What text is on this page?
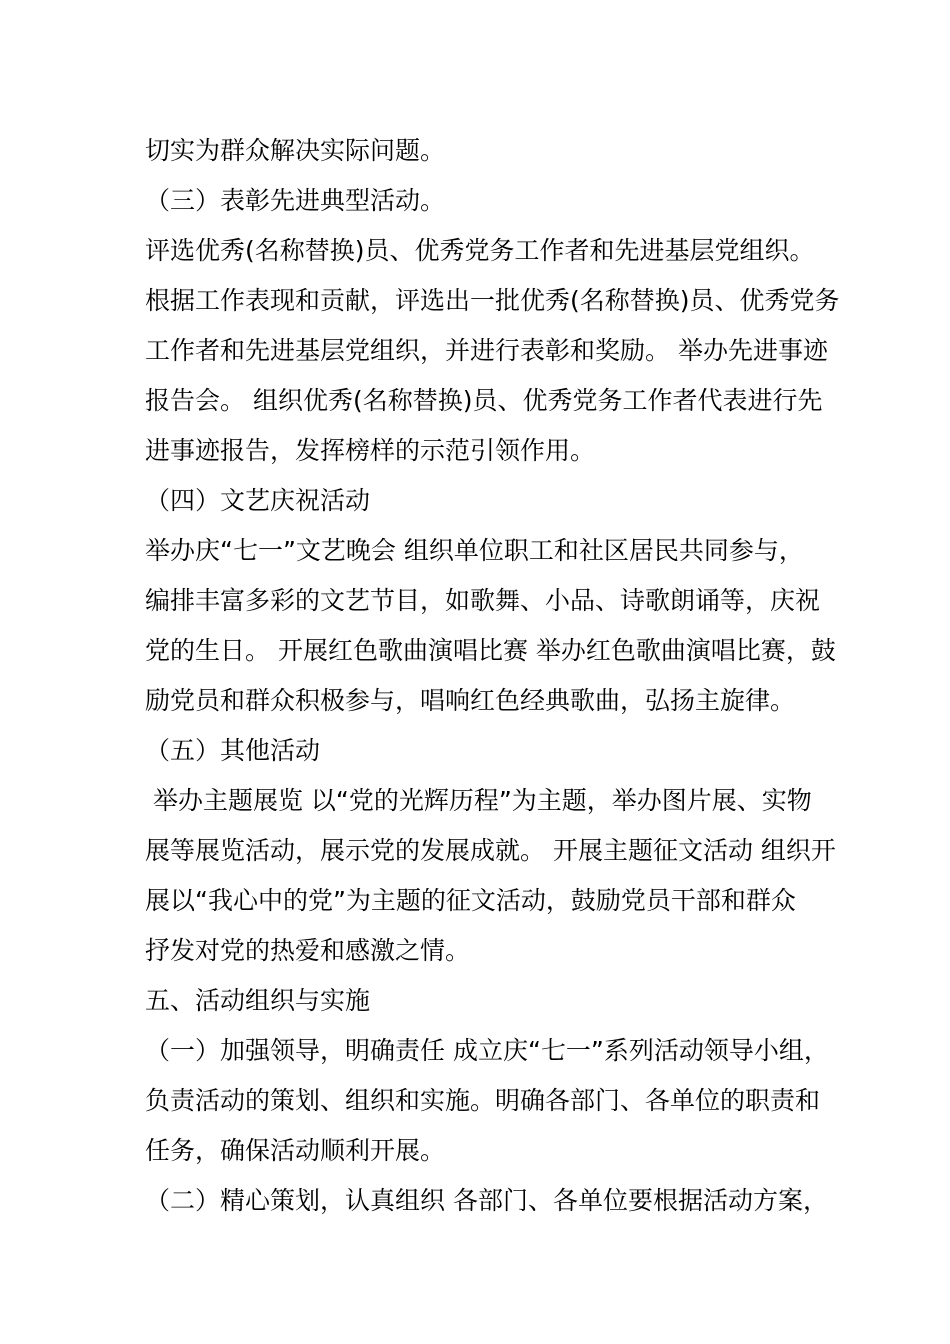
切实为群众解决实际问题。
（三）表彰先进典型活动。
评选优秀(名称替换)员、优秀党务工作者和先进基层党组织。
根据工作表现和贡献，评选出一批优秀(名称替换)员、优秀党务
工作者和先进基层党组织，并进行表彰和奖励。 举办先进事迹
报告会。 组织优秀(名称替换)员、优秀党务工作者代表进行先
进事迹报告，发挥榜样的示范引领作用。
（四）文艺庆祝活动
举办庆“七一”文艺晚会 组织单位职工和社区居民共同参与，
编排丰富多彩的文艺节目，如歌舞、小品、诗歌朗诵等，庆祝
党的生日。 开展红色歌曲演唱比赛 举办红色歌曲演唱比赛，鼓
励党员和群众积极参与，唱响红色经典歌曲，弘扬主旋律。
（五）其他活动
举办主题展览 以“党的光辉历程”为主题，举办图片展、实物
展等展览活动，展示党的发展成就。 开展主题征文活动 组织开
展以“我心中的党”为主题的征文活动，鼓励党员干部和群众
抒发对党的热爱和感激之情。
五、活动组织与实施
（一）加强领导，明确责任 成立庆“七一”系列活动领导小组，
负责活动的策划、组织和实施。明确各部门、各单位的职责和
任务，确保活动顺利开展。
（二）精心策划，认真组织 各部门、各单位要根据活动方案，
